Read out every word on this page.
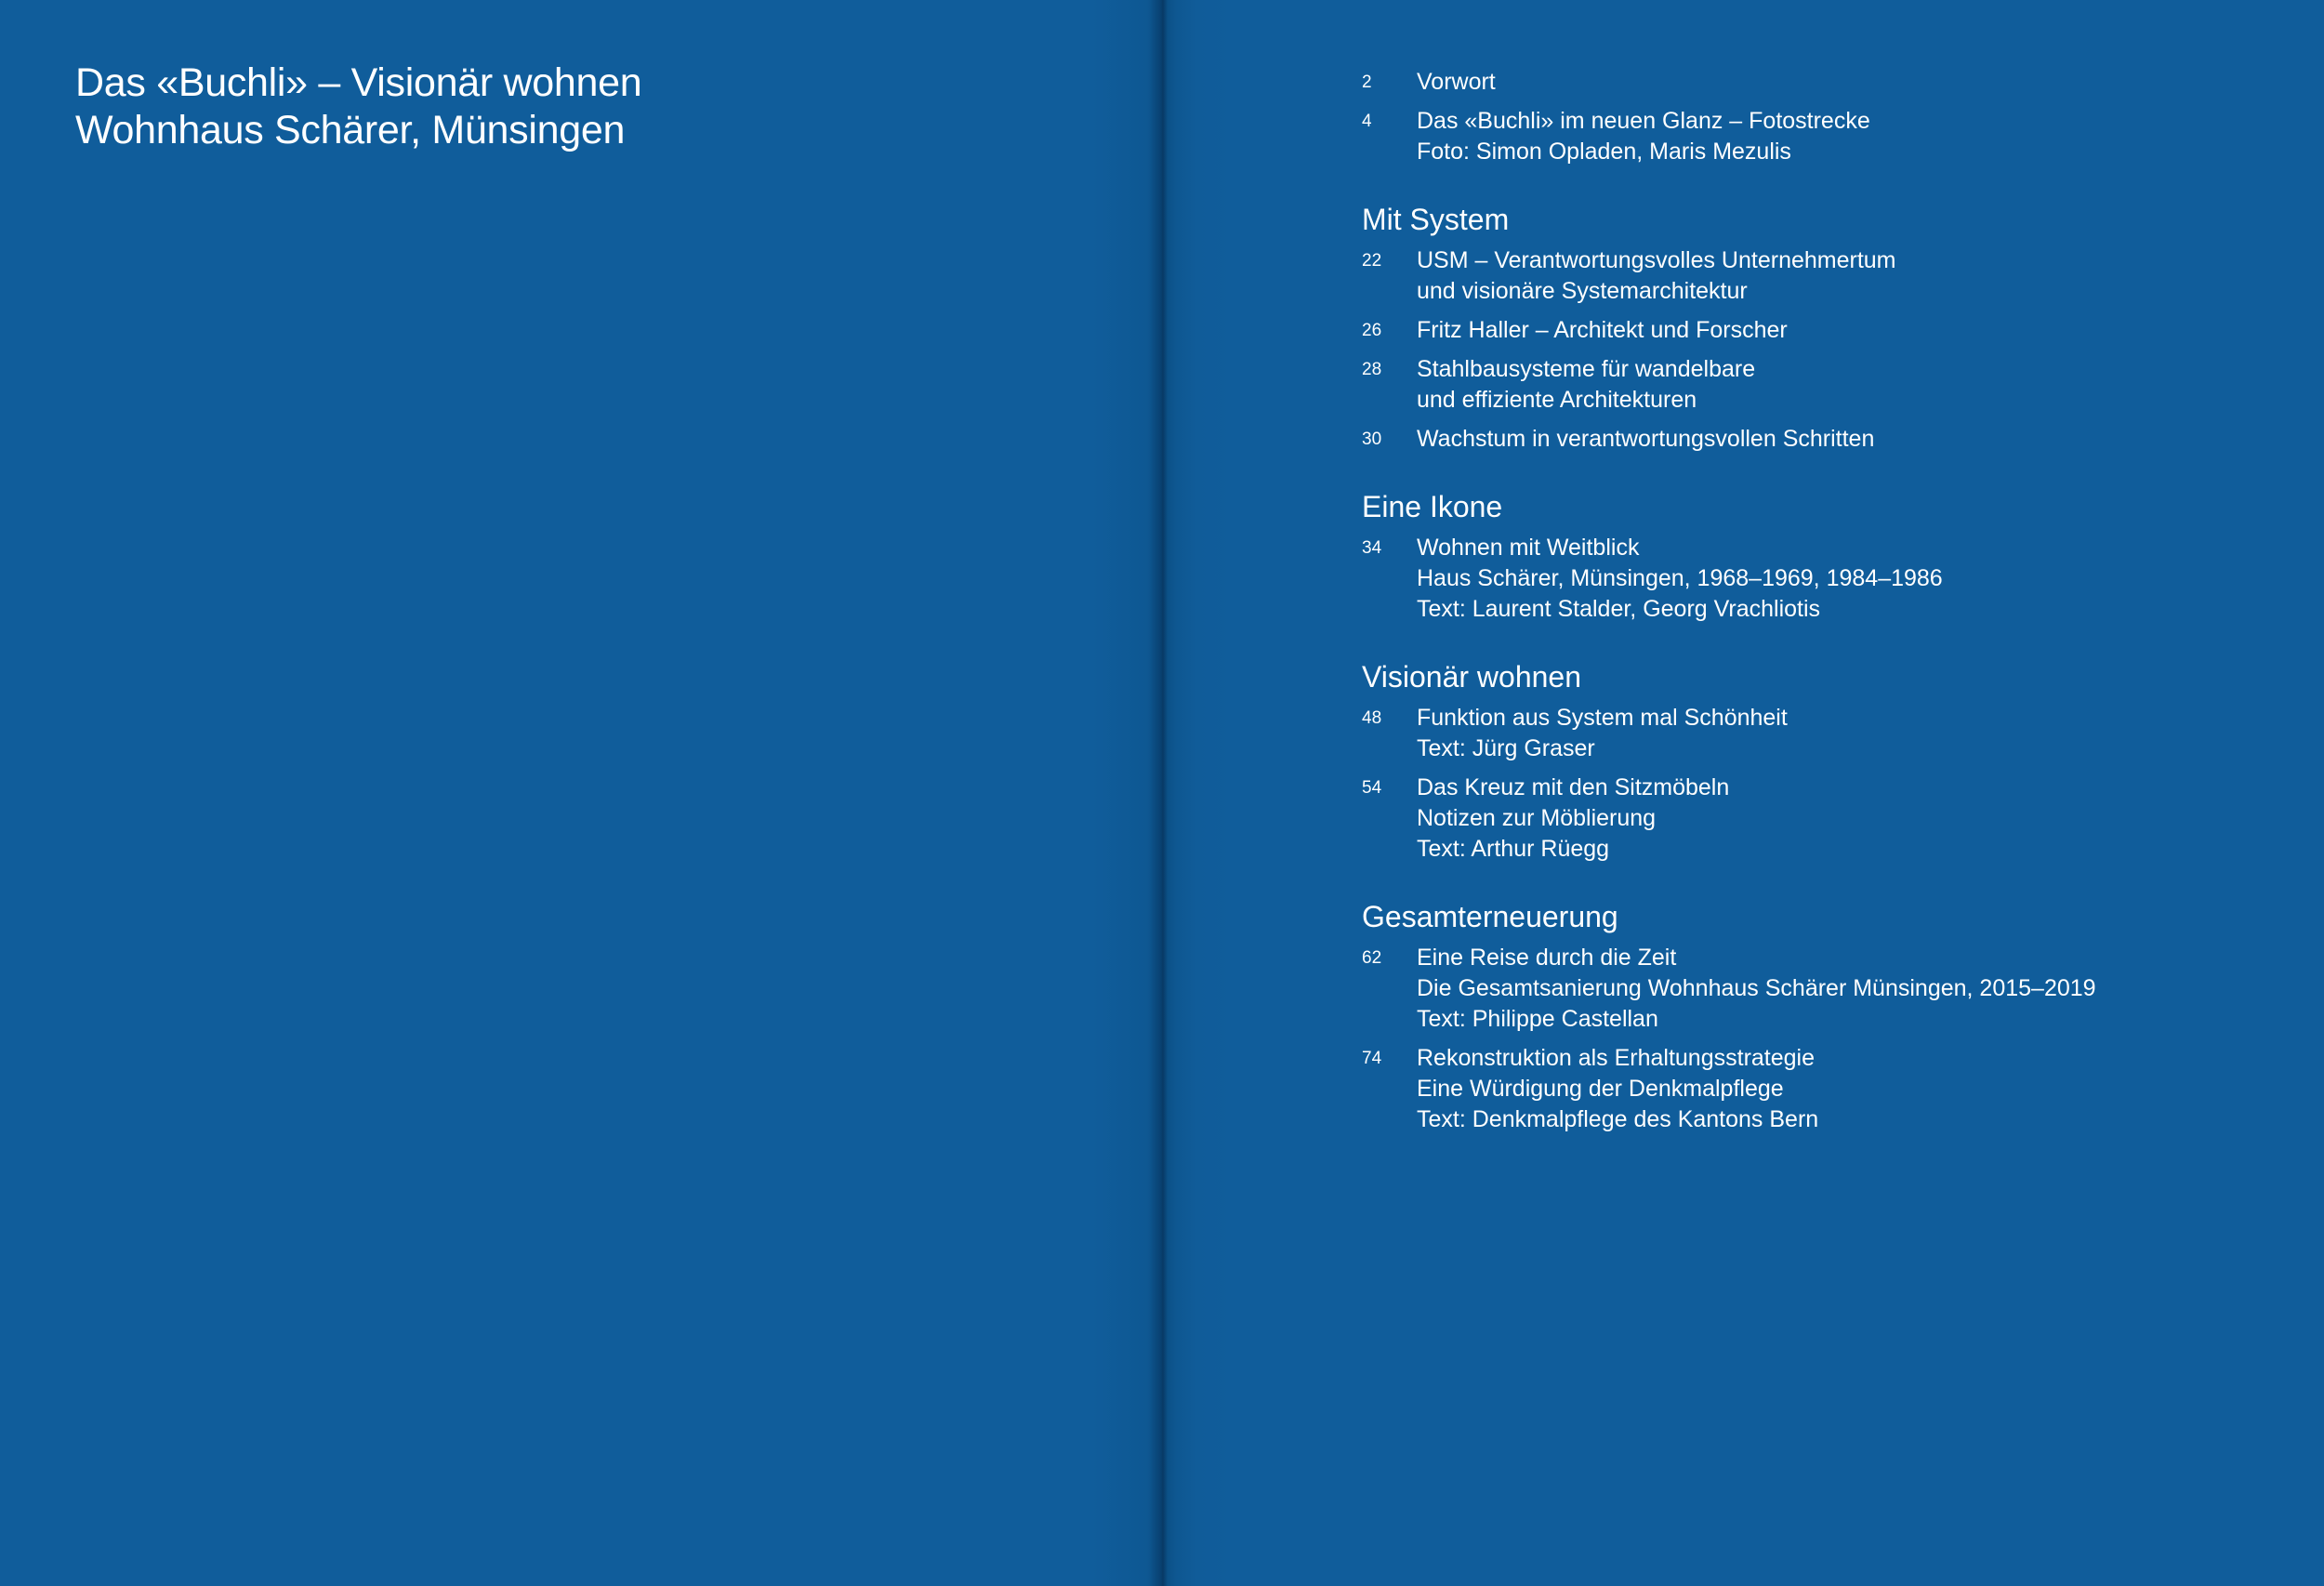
Das «Buchli» – Visionär wohnen
Wohnhaus Schärer, Münsingen
2 Vorwort
4 Das «Buchli» im neuen Glanz – Fotostrecke
Foto: Simon Opladen, Maris Mezulis
Mit System
22 USM – Verantwortungsvolles Unternehmertum
und visionäre Systemarchitektur
26 Fritz Haller – Architekt und Forscher
28 Stahlbausysteme für wandelbare
und effiziente Architekturen
30 Wachstum in verantwortungsvollen Schritten
Eine Ikone
34 Wohnen mit Weitblick
Haus Schärer, Münsingen, 1968–1969, 1984–1986
Text: Laurent Stalder, Georg Vrachliotis
Visionär wohnen
48 Funktion aus System mal Schönheit
Text: Jürg Graser
54 Das Kreuz mit den Sitzmöbeln
Notizen zur Möblierung
Text: Arthur Rüegg
Gesamterneuerung
62 Eine Reise durch die Zeit
Die Gesamtsanierung Wohnhaus Schärer Münsingen, 2015–2019
Text: Philippe Castellan
74 Rekonstruktion als Erhaltungsstrategie
Eine Würdigung der Denkmalpflege
Text: Denkmalpflege des Kantons Bern
